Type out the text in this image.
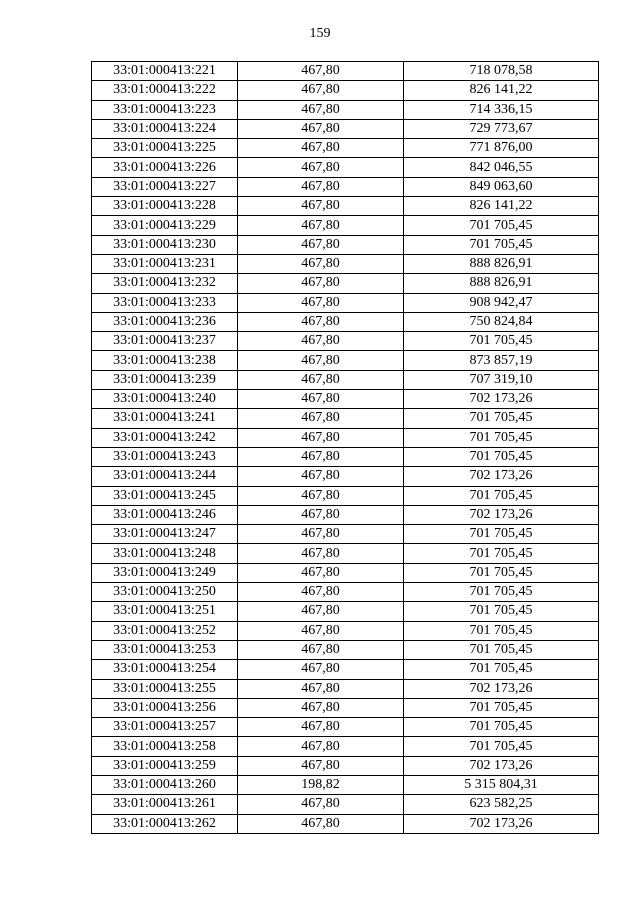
159
33:01:000413:221	467,80	718 078,58
33:01:000413:222	467,80	826 141,22
33:01:000413:223	467,80	714 336,15
33:01:000413:224	467,80	729 773,67
33:01:000413:225	467,80	771 876,00
33:01:000413:226	467,80	842 046,55
33:01:000413:227	467,80	849 063,60
33:01:000413:228	467,80	826 141,22
33:01:000413:229	467,80	701 705,45
33:01:000413:230	467,80	701 705,45
33:01:000413:231	467,80	888 826,91
33:01:000413:232	467,80	888 826,91
33:01:000413:233	467,80	908 942,47
33:01:000413:236	467,80	750 824,84
33:01:000413:237	467,80	701 705,45
33:01:000413:238	467,80	873 857,19
33:01:000413:239	467,80	707 319,10
33:01:000413:240	467,80	702 173,26
33:01:000413:241	467,80	701 705,45
33:01:000413:242	467,80	701 705,45
33:01:000413:243	467,80	701 705,45
33:01:000413:244	467,80	702 173,26
33:01:000413:245	467,80	701 705,45
33:01:000413:246	467,80	702 173,26
33:01:000413:247	467,80	701 705,45
33:01:000413:248	467,80	701 705,45
33:01:000413:249	467,80	701 705,45
33:01:000413:250	467,80	701 705,45
33:01:000413:251	467,80	701 705,45
33:01:000413:252	467,80	701 705,45
33:01:000413:253	467,80	701 705,45
33:01:000413:254	467,80	701 705,45
33:01:000413:255	467,80	702 173,26
33:01:000413:256	467,80	701 705,45
33:01:000413:257	467,80	701 705,45
33:01:000413:258	467,80	701 705,45
33:01:000413:259	467,80	702 173,26
33:01:000413:260	198,82	5 315 804,31
33:01:000413:261	467,80	623 582,25
33:01:000413:262	467,80	702 173,26
